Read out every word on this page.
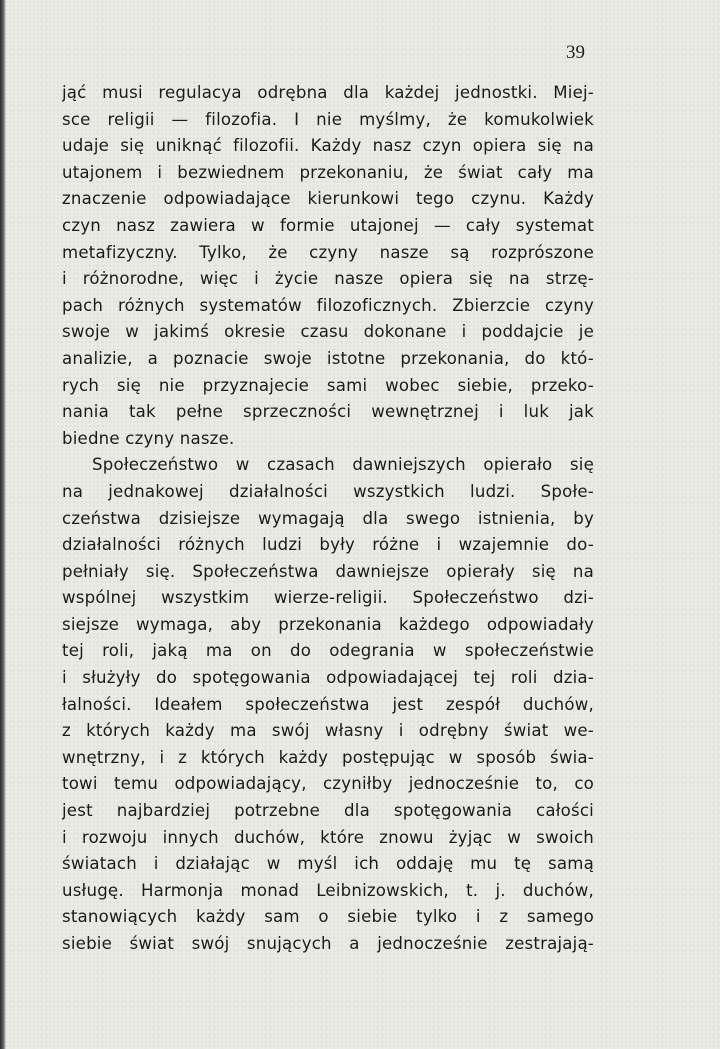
39
jąć musi regulacya odrębna dla każdej jednostki. Miej-
sce religii — filozofia. I nie myślmy, że komukolwiek
udaje się uniknąć filozofii. Każdy nasz czyn opiera się na
utajonem i bezwiednem przekonaniu, że świat cały ma
znaczenie odpowiadające kierunkowi tego czynu. Każdy
czyn nasz zawiera w formie utajonej — cały systemat
metafizyczny. Tylko, że czyny nasze są rozprószone
i różnorodne, więc i życie nasze opiera się na strzę-
pach różnych systematów filozoficznych. Zbierzcie czyny
swoje w jakimś okresie czasu dokonane i poddajcie je
analizie, a poznacie swoje istotne przekonania, do któ-
rych się nie przyznajecie sami wobec siebie, przeko-
nania tak pełne sprzeczności wewnętrznej i luk jak
biedne czyny nasze.
Społeczeństwo w czasach dawniejszych opierało się
na jednakowej działalności wszystkich ludzi. Społe-
czeństwa dzisiejsze wymagają dla swego istnienia, by
działalności różnych ludzi były różne i wzajemnie do-
pełniały się. Społeczeństwa dawniejsze opierały się na
wspólnej wszystkim wierze-religii. Społeczeństwo dzi-
siejsze wymaga, aby przekonania każdego odpowiadały
tej roli, jaką ma on do odegrania w społeczeństwie
i służyły do spotęgowania odpowiadającej tej roli dzia-
łalności. Ideałem społeczeństwa jest zespół duchów,
z których każdy ma swój własny i odrębny świat we-
wnętrzny, i z których każdy postępując w sposób świa-
towi temu odpowiadający, czyniłby jednocześnie to, co
jest najbardziej potrzebne dla spotęgowania całości
i rozwoju innych duchów, które znowu żyjąc w swoich
światach i działając w myśl ich oddaję mu tę samą
usługę. Harmonja monad Leibnizowskich, t. j. duchów,
stanowiących każdy sam o siebie tylko i z samego
siebie świat swój snujących a jednocześnie zestrajają-
